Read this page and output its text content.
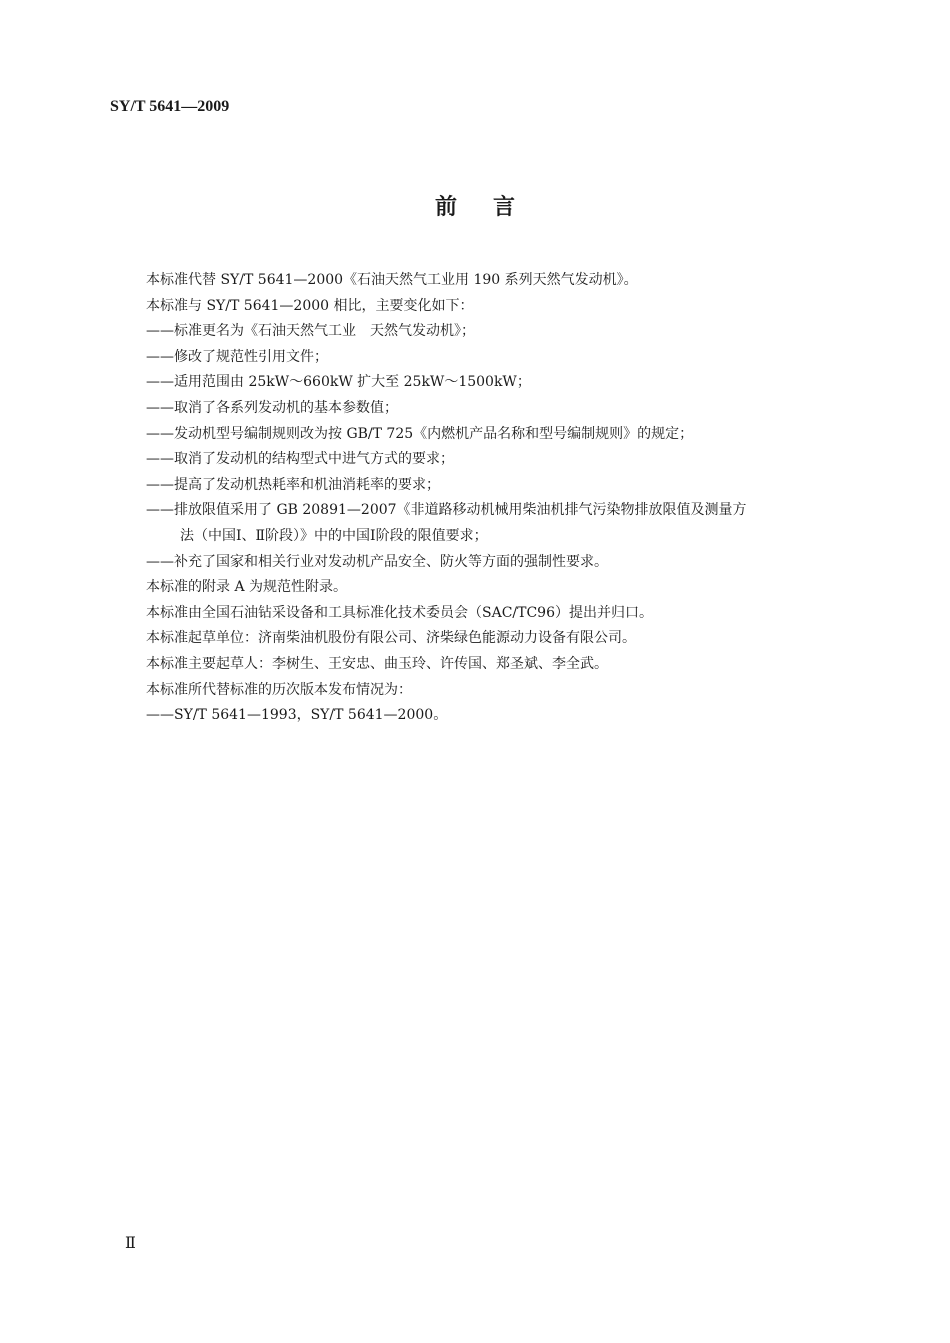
SY/T 5641—2009
前言
本标准代替 SY/T 5641—2000《石油天然气工业用 190 系列天然气发动机》。
本标准与 SY/T 5641—2000 相比，主要变化如下：
——标准更名为《石油天然气工业　天然气发动机》；
——修改了规范性引用文件；
——适用范围由 25kW～660kW 扩大至 25kW～1500kW；
——取消了各系列发动机的基本参数值；
——发动机型号编制规则改为按 GB/T 725《内燃机产品名称和型号编制规则》的规定；
——取消了发动机的结构型式中进气方式的要求；
——提高了发动机热耗率和机油消耗率的要求；
——排放限值采用了 GB 20891—2007《非道路移动机械用柴油机排气污染物排放限值及测量方
法（中国Ⅰ、Ⅱ阶段）》中的中国Ⅰ阶段的限值要求；
——补充了国家和相关行业对发动机产品安全、防火等方面的强制性要求。
本标准的附录 A 为规范性附录。
本标准由全国石油钻采设备和工具标准化技术委员会（SAC/TC96）提出并归口。
本标准起草单位：济南柴油机股份有限公司、济柴绿色能源动力设备有限公司。
本标准主要起草人：李树生、王安忠、曲玉玲、许传国、郑圣斌、李全武。
本标准所代替标准的历次版本发布情况为：
——SY/T 5641—1993，SY/T 5641—2000。
Ⅱ
